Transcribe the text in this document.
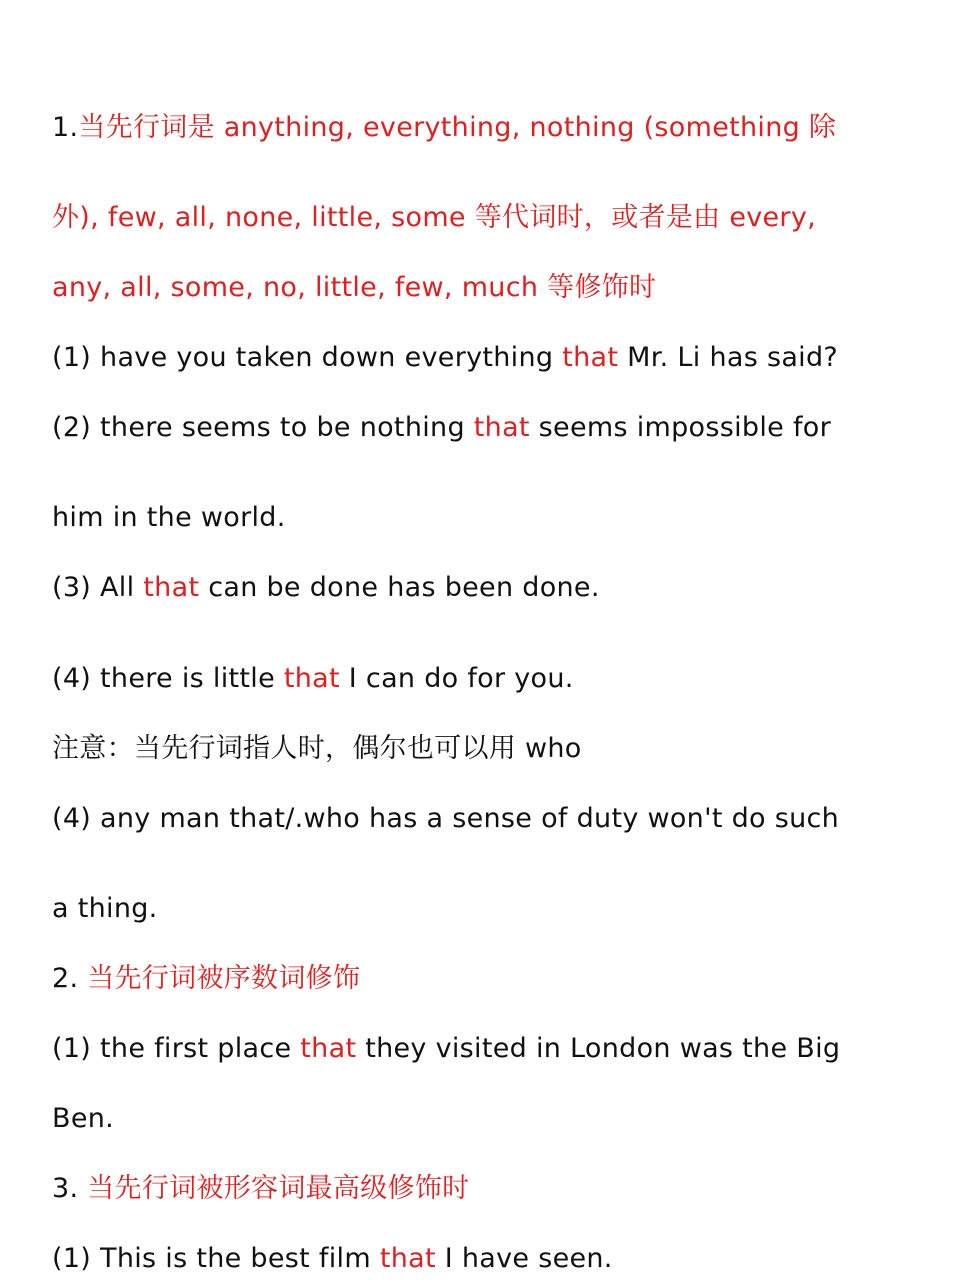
1.当先行词是 anything, everything, nothing (something 除
外), few, all, none, little, some 等代词时，或者是由 every,
any, all, some, no, little, few, much 等修饰时
(1) have you taken down everything that Mr. Li has said?
(2) there seems to be nothing that seems impossible for
him in the world.
(3) All that can be done has been done.
(4) there is little that I can do for you.
注意：当先行词指人时，偶尔也可以用 who
(4) any man that/.who has a sense of duty won't do such
a thing.
2. 当先行词被序数词修饰
(1) the first place that they visited in London was the Big
Ben.
3. 当先行词被形容词最高级修饰时
(1) This is the best film that I have seen.
